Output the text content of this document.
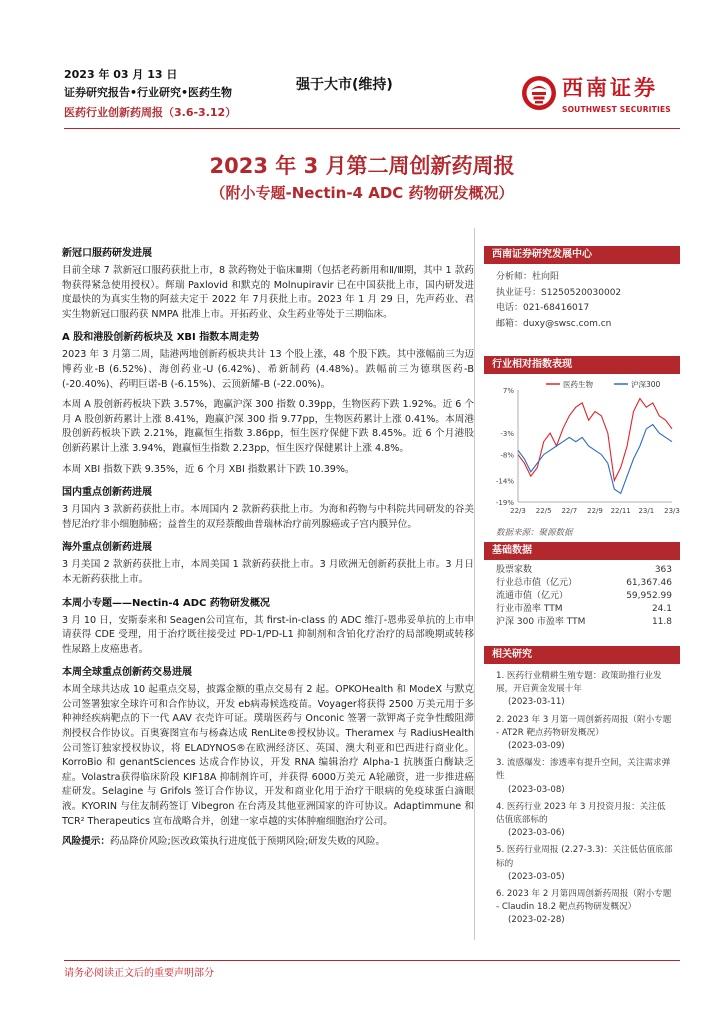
2023 年 03 月 13 日
证券研究报告•行业研究•医药生物
医药行业创新药周报（3.6-3.12）
强于大市(维持)	西南证券
SOUTHWEST SECURITIES
2023 年 3 月第二周创新药周报
（附小专题-Nectin-4 ADC 药物研发概况）
新冠口服药研发进展

目前全球 7 款新冠口服药获批上市，8 款药物处于临床Ⅲ期（包括老药新用和Ⅱ/Ⅲ期，其中 1 款药物获得紧急使用授权）。辉瑞 Paxlovid 和默克的 Molnupiravir 已在中国获批上市，国内研发进度最快的为真实生物的阿兹夫定于 2022 年 7月获批上市。2023 年 1 月 29 日，先声药业、君实生物新冠口服药获 NMPA 批准上市。开拓药业、众生药业等处于三期临床。

A 股和港股创新药板块及 XBI 指数本周走势

2023 年 3 月第二周，陆港两地创新药板块共计 13 个股上涨，48 个股下跌。其中涨幅前三为迈博药业-B (6.52%)、海创药业-U (6.42%)、希新制药 (4.48%)。跌幅前三为德琪医药-B (-20.40%)、药明巨诺-B (-6.15%)、云顶新耀-B (-22.00%)。

本周 A 股创新药板块下跌 3.57%，跑赢沪深 300 指数 0.39pp，生物医药下跌 1.92%。近 6 个月 A 股创新药累计上涨 8.41%，跑赢沪深 300 指 9.77pp，生物医药累计上涨 0.41%。本周港股创新药板块下跌 2.21%，跑赢恒生指数 3.86pp，恒生医疗保健下跌 8.45%。近 6 个月港股创新药累计上涨 3.94%，跑赢恒生指数 2.23pp，恒生医疗保健累计上涨 4.8%。

本周 XBI 指数下跌 9.35%，近 6 个月 XBI 指数累计下跌 10.39%。

国内重点创新药进展

3 月国内 3 款新药获批上市。本周国内 2 款新药获批上市。为海和药物与中科院共同研发的谷美替尼治疗非小细胞肺癌；益普生的双羟萘酸曲普瑞林治疗前列腺癌或子宫内膜异位。

海外重点创新药进展

3 月美国 2 款新药获批上市，本周美国 1 款新药获批上市。3 月欧洲无创新药获批上市。3 月日本无新药获批上市。

本周小专题——Nectin-4 ADC 药物研发概况

3 月 10 日，安斯泰来和 Seagen公司宣布，其 first-in-class 的 ADC 维汀-恩弗妥单抗的上市申请获得 CDE 受理，用于治疗既往接受过 PD-1/PD-L1 抑制剂和含铂化疗治疗的局部晚期或转移性尿路上皮癌患者。

本周全球重点创新药交易进展

本周全球共达成 10 起重点交易，披露金额的重点交易有 2 起。OPKOHealth 和 ModeX 与默克公司签署独家全球许可和合作协议，开发 eb病毒候选疫苗。Voyager将获得 2500 万美元用于多种神经疾病靶点的下一代 AAV 衣壳许可证。璞瑞医药与 Onconic 签署一款钾离子竞争性酸阻滞剂授权合作协议。百奥赛图宣布与杨森达成 RenLite®授权协议。Theramex 与 RadiusHealth 公司签订独家授权协议，将 ELADYNOS®在欧洲经济区、英国、澳大利亚和巴西进行商业化。KorroBio 和 genantSciences 达成合作协议，开发 RNA 编辑治疗 Alpha-1 抗胰蛋白酶缺乏症。Volastra获得临床阶段 KIF18A 抑制剂许可，并获得 6000万美元 A轮融资，进一步推进癌症研发。Selagine 与 Grifols 签订合作协议，开发和商业化用于治疗干眼病的免疫球蛋白滴眼液。KYORIN 与住友制药签订 Vibegron 在台湾及其他亚洲国家的许可协议。Adaptimmune 和 TCR² Therapeutics 宣布战略合并，创建一家卓越的实体肿瘤细胞治疗公司。

风险提示：药品降价风险;医改政策执行进度低于预期风险;研发失败的风险。

西南证券研究发展中心
分析师：杜向阳
执业证号：S1250520030002
电话：021-68416017
邮箱：duxy@swsc.com.cn
行业相对指数表现
7%
-3%
-8%
-14%
-19%
22/3 22/5 22/7 22/9 22/11 23/1 23/3
医药生物	沪深300
数据来源：聚源数据
基础数据
股票家数	363
行业总市值（亿元）	61,367.46
流通市值（亿元）	59,952.99
行业市盈率 TTM	24.1
沪深 300 市盈率 TTM	11.8
相关研究
1. 医药行业精耕生殖专题：政策助推行业发展，开启黄金发展十年
(2023-03-11)
2. 2023 年 3 月第一周创新药周报（附小专题 - AT2R 靶点药物研发概况）
(2023-03-09)
3. 流感爆发：渗透率有提升空间，关注需求弹性
(2023-03-08)
4. 医药行业 2023 年 3 月投资月报：关注低估值底部标的
(2023-03-06)
5. 医药行业周报 (2.27-3.3)：关注低估值底部标的
(2023-03-05)
6. 2023 年 2 月第四周创新药周报（附小专题 - Claudin 18.2 靶点药物研发概况）
(2023-02-28)
请务必阅读正文后的重要声明部分
